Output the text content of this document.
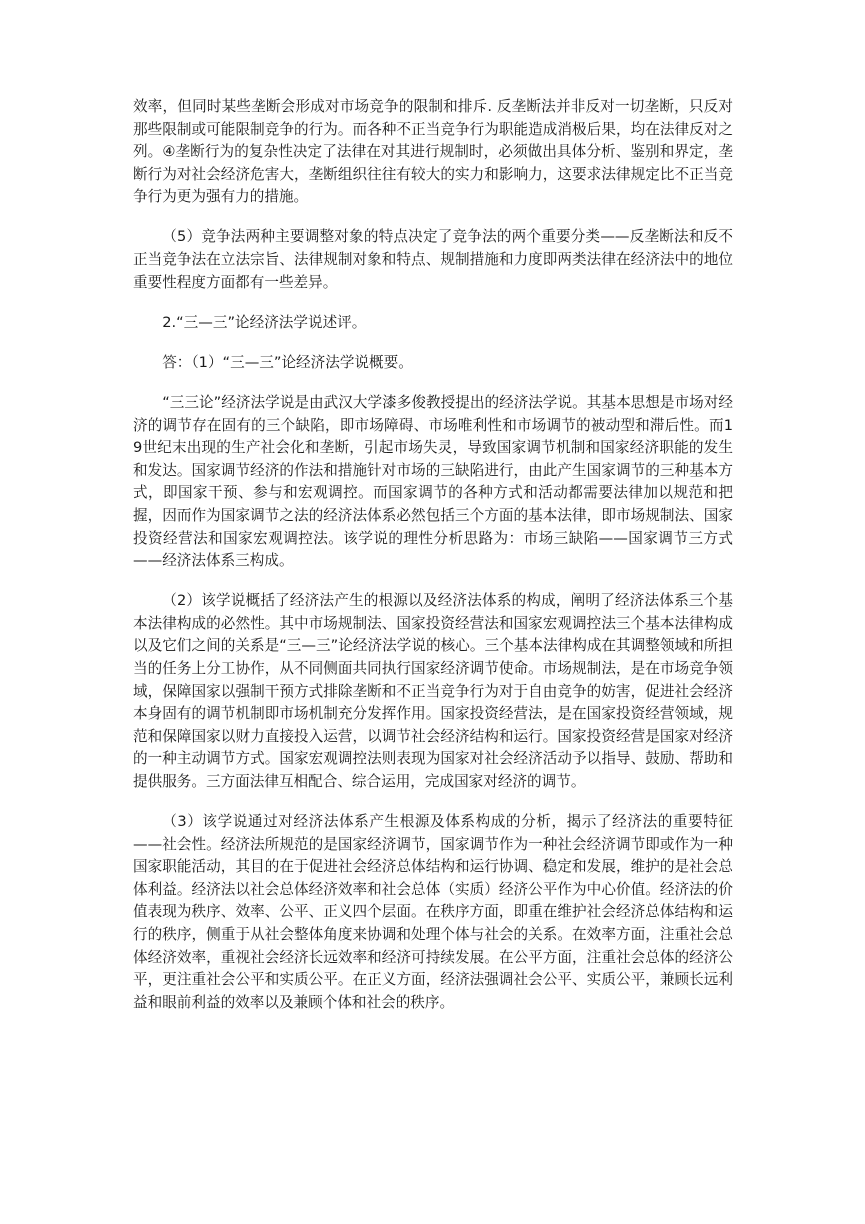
效率，但同时某些垄断会形成对市场竞争的限制和排斥. 反垄断法并非反对一切垄断，只反对那些限制或可能限制竞争的行为。而各种不正当竞争行为职能造成消极后果，均在法律反对之列。④垄断行为的复杂性决定了法律在对其进行规制时，必须做出具体分析、鉴别和界定，垄断行为对社会经济危害大，垄断组织往往有较大的实力和影响力，这要求法律规定比不正当竞争行为更为强有力的措施。

（5）竞争法两种主要调整对象的特点决定了竞争法的两个重要分类——反垄断法和反不正当竞争法在立法宗旨、法律规制对象和特点、规制措施和力度即两类法律在经济法中的地位重要性程度方面都有一些差异。

2.“三—三”论经济法学说述评。

答：（1）“三—三”论经济法学说概要。

“三三论”经济法学说是由武汉大学漆多俊教授提出的经济法学说。其基本思想是市场对经济的调节存在固有的三个缺陷，即市场障碍、市场唯利性和市场调节的被动型和滞后性。而19世纪末出现的生产社会化和垄断，引起市场失灵，导致国家调节机制和国家经济职能的发生和发达。国家调节经济的作法和措施针对市场的三缺陷进行，由此产生国家调节的三种基本方式，即国家干预、参与和宏观调控。而国家调节的各种方式和活动都需要法律加以规范和把握，因而作为国家调节之法的经济法体系必然包括三个方面的基本法律，即市场规制法、国家投资经营法和国家宏观调控法。该学说的理性分析思路为：市场三缺陷——国家调节三方式——经济法体系三构成。

（2）该学说概括了经济法产生的根源以及经济法体系的构成，阐明了经济法体系三个基本法律构成的必然性。其中市场规制法、国家投资经营法和国家宏观调控法三个基本法律构成以及它们之间的关系是“三—三”论经济法学说的核心。三个基本法律构成在其调整领域和所担当的任务上分工协作，从不同侧面共同执行国家经济调节使命。市场规制法，是在市场竞争领域，保障国家以强制干预方式排除垄断和不正当竞争行为对于自由竞争的妨害，促进社会经济本身固有的调节机制即市场机制充分发挥作用。国家投资经营法，是在国家投资经营领域，规范和保障国家以财力直接投入运营，以调节社会经济结构和运行。国家投资经营是国家对经济的一种主动调节方式。国家宏观调控法则表现为国家对社会经济活动予以指导、鼓励、帮助和提供服务。三方面法律互相配合、综合运用，完成国家对经济的调节。

（3）该学说通过对经济法体系产生根源及体系构成的分析，揭示了经济法的重要特征——社会性。经济法所规范的是国家经济调节，国家调节作为一种社会经济调节即或作为一种国家职能活动，其目的在于促进社会经济总体结构和运行协调、稳定和发展，维护的是社会总体利益。经济法以社会总体经济效率和社会总体（实质）经济公平作为中心价值。经济法的价值表现为秩序、效率、公平、正义四个层面。在秩序方面，即重在维护社会经济总体结构和运行的秩序，侧重于从社会整体角度来协调和处理个体与社会的关系。在效率方面，注重社会总体经济效率，重视社会经济长远效率和经济可持续发展。在公平方面，注重社会总体的经济公平，更注重社会公平和实质公平。在正义方面，经济法强调社会公平、实质公平，兼顾长远利益和眼前利益的效率以及兼顾个体和社会的秩序。
